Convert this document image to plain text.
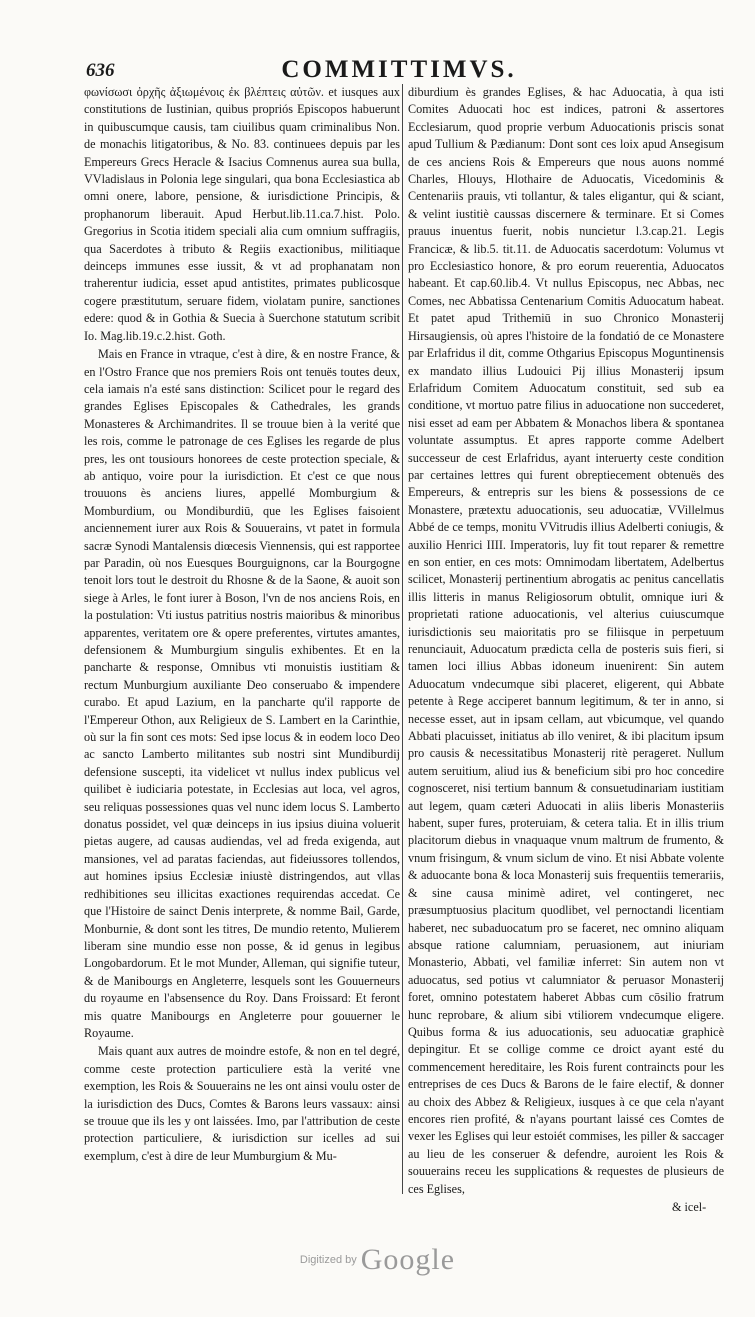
636	COMMITTIMVS.

φωνίσωσι ὀρχῆς ἀξιωμένοις ἐκ βλέπτεις αὐτῶν. et iusques aux constitutions de Iustinian, quibus propriós Episcopos habuerunt in quibuscumque causis, tam ciuilibus quam criminalibus Non. de monachis litigatoribus, & No. 83. continuees depuis par les Empereurs Grecs Heracle & Isacius Comnenus aurea sua bulla, VVladislaus in Polonia lege singulari, qua bona Ecclesiastica ab omni onere, labore, pensione, & iurisdictione Principis, & prophanorum liberauit. Apud Herbut.lib.11.ca.7.hist. Polo. Gregorius in Scotia itidem speciali alia cum omnium suffragiis, qua Sacerdotes à tributo & Regiis exactionibus, militiaque deinceps immunes esse iussit, & vt ad prophanatam non traherentur iudicia, esset apud antistites, primates publicosque cogere præstitutum, seruare fidem, violatam punire, sanctiones edere: quod & in Gothia & Suecia à Suerchone statutum scribit Io. Mag.lib.19.c.2.hist. Goth.

Mais en France in vtraque, c'est à dire, & en nostre France, & en l'Ostro France que nos premiers Rois ont tenuës toutes deux, cela iamais n'a esté sans distinction: Scilicet pour le regard des grandes Eglises Episcopales & Cathedrales, les grands Monasteres & Archimandrites. Il se trouue bien à la verité que les rois, comme le patronage de ces Eglises les regarde de plus pres, les ont tousiours honorees de ceste protection speciale, & ab antiquo, voire pour la iurisdiction. Et c'est ce que nous trouuons ès anciens liures, appellé Momburgium & Momburdium, ou Mondiburdiū, que les Eglises faisoient anciennement iurer aux Rois & Souuerains, vt patet in formula sacræ Synodi Mantalensis diœcesis Viennensis, qui est rapportee par Paradin, où nos Euesques Bourguignons, car la Bourgogne tenoit lors tout le destroit du Rhosne & de la Saone, & auoit son siege à Arles, le font iurer à Boson, l'vn de nos anciens Rois, en la postulation: Vti iustus patritius nostris maioribus & minoribus apparentes, veritatem ore & opere preferentes, virtutes amantes, defensionem & Mumburgium singulis exhibentes. Et en la pancharte & response, Omnibus vti monuistis iustitiam & rectum Munburgium auxiliante Deo conseruabo & impendere curabo. Et apud Lazium, en la pancharte qu'il rapporte de l'Empereur Othon, aux Religieux de S. Lambert en la Carinthie, où sur la fin sont ces mots: Sed ipse locus & in eodem loco Deo ac sancto Lamberto militantes sub nostri sint Mundiburdij defensione suscepti, ita videlicet vt nullus index publicus vel quilibet è iudiciaria potestate, in Ecclesias aut loca, vel agros, seu reliquas possessiones quas vel nunc idem locus S. Lamberto donatus possidet, vel quæ deinceps in ius ipsius diuina voluerit pietas augere, ad causas audiendas, vel ad freda exigenda, aut mansiones, vel ad paratas faciendas, aut fideiussores tollendos, aut homines ipsius Ecclesiæ iniustè distringendos, aut vllas redhibitiones seu illicitas exactiones requirendas accedat. Ce que l'Histoire de sainct Denis interprete, & nomme Bail, Garde, Monburnie, & dont sont les titres, De mundio retento, Mulierem liberam sine mundio esse non posse, & id genus in legibus Longobardorum. Et le mot Munder, Alleman, qui signifie tuteur, & de Manibourgs en Angleterre, lesquels sont les Gouuerneurs du royaume en l'absensence du Roy. Dans Froissard: Et feront mis quatre Manibourgs en Angleterre pour gouuerner le Royaume.

Mais quant aux autres de moindre estofe, & non en tel degré, comme ceste protection particuliere està la verité vne exemption, les Rois & Souuerains ne les ont ainsi voulu oster de la iurisdiction des Ducs, Comtes & Barons leurs vassaux: ainsi se trouue que ils les y ont laissées. Imo, par l'attribution de ceste protection particuliere, & iurisdiction sur icelles ad sui exemplum, c'est à dire de leur Mumburgium & Mu-

diburdium ès grandes Eglises, & hac Aduocatia, à qua isti Comites Aduocati hoc est indices, patroni & assertores Ecclesiarum, quod proprie verbum Aduocationis priscis sonat apud Tullium & Pædianum: Dont sont ces loix apud Ansegisum de ces anciens Rois & Empereurs que nous auons nommé Charles, Hlouys, Hlothaire de Aduocatis, Vicedominis & Centenariis prauis, vti tollantur, & tales eligantur, qui & sciant, & velint iustitiè caussas discernere & terminare. Et si Comes prauus inuentus fuerit, nobis nuncietur l.3.cap.21. Legis Francicæ, & lib.5. tit.11. de Aduocatis sacerdotum: Volumus vt pro Ecclesiastico honore, & pro eorum reuerentia, Aduocatos habeant. Et cap.60.lib.4. Vt nullus Episcopus, nec Abbas, nec Comes, nec Abbatissa Centenarium Comitis Aduocatum habeat. Et patet apud Trithemiū in suo Chronico Monasterij Hirsaugiensis, où apres l'histoire de la fondatió de ce Monastere par Erlafridus il dit, comme Othgarius Episcopus Moguntinensis ex mandato illius Ludouici Pij illius Monasterij ipsum Erlafridum Comitem Aduocatum constituit, sed sub ea conditione, vt mortuo patre filius in aduocatione non succederet, nisi esset ad eam per Abbatem & Monachos libera & spontanea voluntate assumptus. Et apres rapporte comme Adelbert successeur de cest Erlafridus, ayant interuerty ceste condition par certaines lettres qui furent obreptiecement obtenuës des Empereurs, & entrepris sur les biens & possessions de ce Monastere, prætextu aduocationis, seu aduocatiæ, VVillelmus Abbé de ce temps, monitu VVitrudis illius Adelberti coniugis, & auxilio Henrici IIII. Imperatoris, luy fit tout reparer & remettre en son entier, en ces mots: Omnimodam libertatem, Adelbertus scilicet, Monasterij pertinentium abrogatis ac penitus cancellatis illis litteris in manus Religiosorum obtulit, omnique iuri & proprietati ratione aduocationis, vel alterius cuiuscumque iurisdictionis seu maioritatis pro se filiisque in perpetuum renunciauit, Aduocatum prædicta cella de posteris suis fieri, si tamen loci illius Abbas idoneum inuenirent: Sin autem Aduocatum vndecumque sibi placeret, eligerent, qui Abbate petente à Rege acciperet bannum legitimum, & ter in anno, si necesse esset, aut in ipsam cellam, aut vbicumque, vel quando Abbati placuisset, initiatus ab illo veniret, & ibi placitum ipsum pro causis & necessitatibus Monasterij ritè perageret. Nullum autem seruitium, aliud ius & beneficium sibi pro hoc concedire cognosceret, nisi tertium bannum & consuetudinariam iustitiam aut legem, quam cæteri Aduocati in aliis liberis Monasteriis habent, super fures, proteruiam, & cetera talia. Et in illis trium placitorum diebus in vnaquaque vnum maltrum de frumento, & vnum frisingum, & vnum siclum de vino. Et nisi Abbate volente & aduocante bona & loca Monasterij suis frequentiis temerariis, & sine causa minimè adiret, vel contingeret, nec præsumptuosius placitum quodlibet, vel pernoctandi licentiam haberet, nec subaduocatum pro se faceret, nec omnino aliquam absque ratione calumniam, peruasionem, aut iniuriam Monasterio, Abbati, vel familiæ inferret: Sin autem non vt aduocatus, sed potius vt calumniator & peruasor Monasterij foret, omnino potestatem haberet Abbas cum cōsilio fratrum hunc reprobare, & alium sibi vtiliorem vndecumque eligere. Quibus forma & ius aduocationis, seu aduocatiæ graphicè depingitur. Et se collige comme ce droict ayant esté du commencement hereditaire, les Rois furent contraincts pour les entreprises de ces Ducs & Barons de le faire electif, & donner au choix des Abbez & Religieux, iusques à ce que cela n'ayant encores rien profité, & n'ayans pourtant laissé ces Comtes de vexer les Eglises qui leur estoiét commises, les piller & saccager au lieu de les conseruer & defendre, auroient les Rois & souuerains receu les supplications & requestes de plusieurs de ces Eglises,

& icel-
Digitized by Google
